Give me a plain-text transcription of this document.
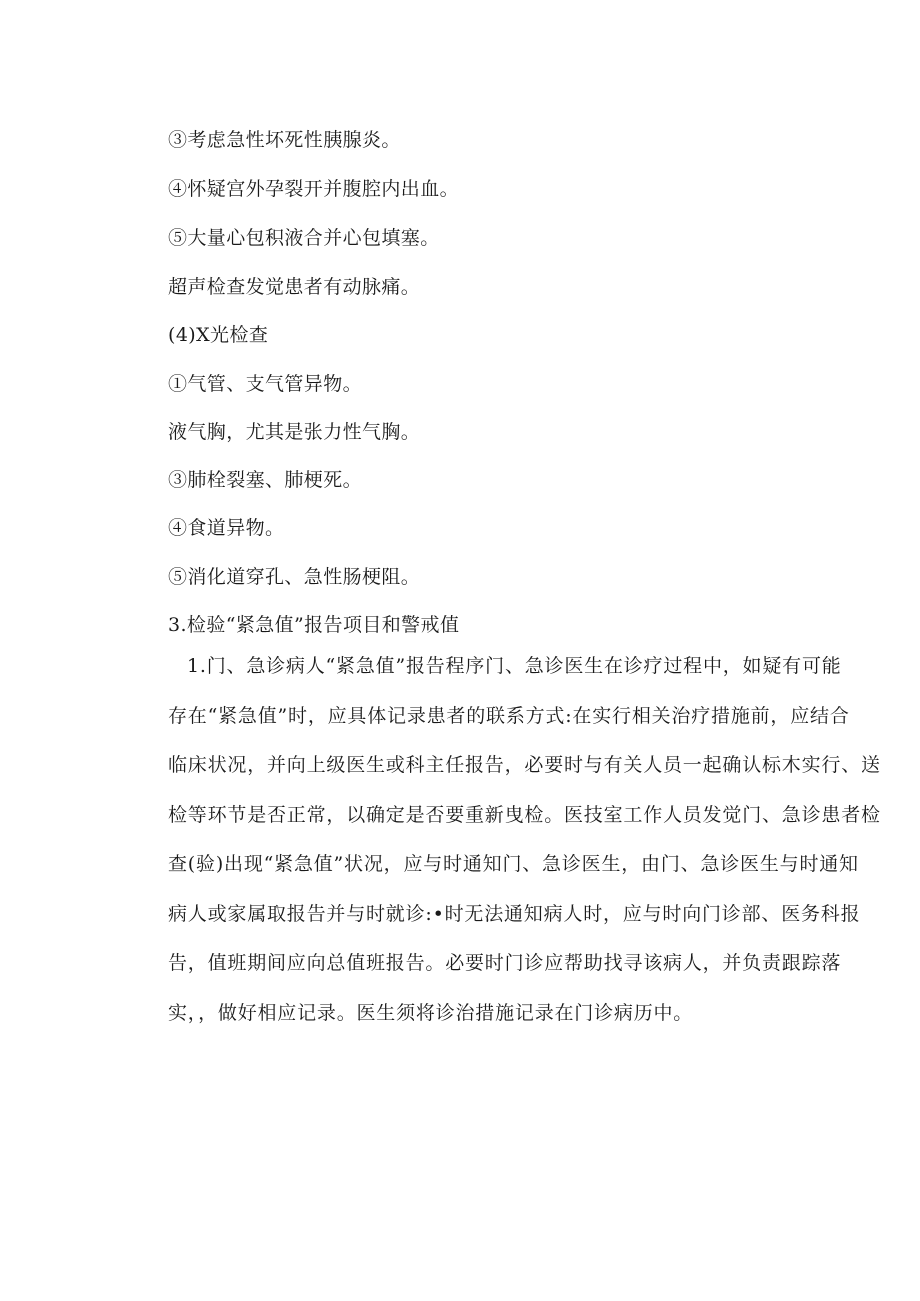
③考虑急性坏死性胰腺炎。
④怀疑宫外孕裂开并腹腔内出血。
⑤大量心包积液合并心包填塞。
超声检查发觉患者有动脉痛。
(4)X光检查
①气管、支气管异物。
液气胸，尤其是张力性气胸。
③肺栓裂塞、肺梗死。
④食道异物。
⑤消化道穿孔、急性肠梗阻。
3.检验“紧急值”报告项目和警戒值
1.门、急诊病人“紧急值”报告程序门、急诊医生在诊疗过程中，如疑有可能
存在“紧急值”时，应具体记录患者的联系方式:在实行相关治疗措施前，应结合
临床状况，并向上级医生或科主任报告，必要时与有关人员一起确认标木实行、送
检等环节是否正常，以确定是否要重新曳检。医技室工作人员发觉门、急诊患者检
查(验)出现“紧急值”状况，应与时通知门、急诊医生，由门、急诊医生与时通知
病人或家属取报告并与时就诊:•时无法通知病人时，应与时向门诊部、医务科报
告，值班期间应向总值班报告。必要时门诊应帮助找寻该病人，并负责跟踪落
实，，做好相应记录。医生须将诊治措施记录在门诊病历中。
